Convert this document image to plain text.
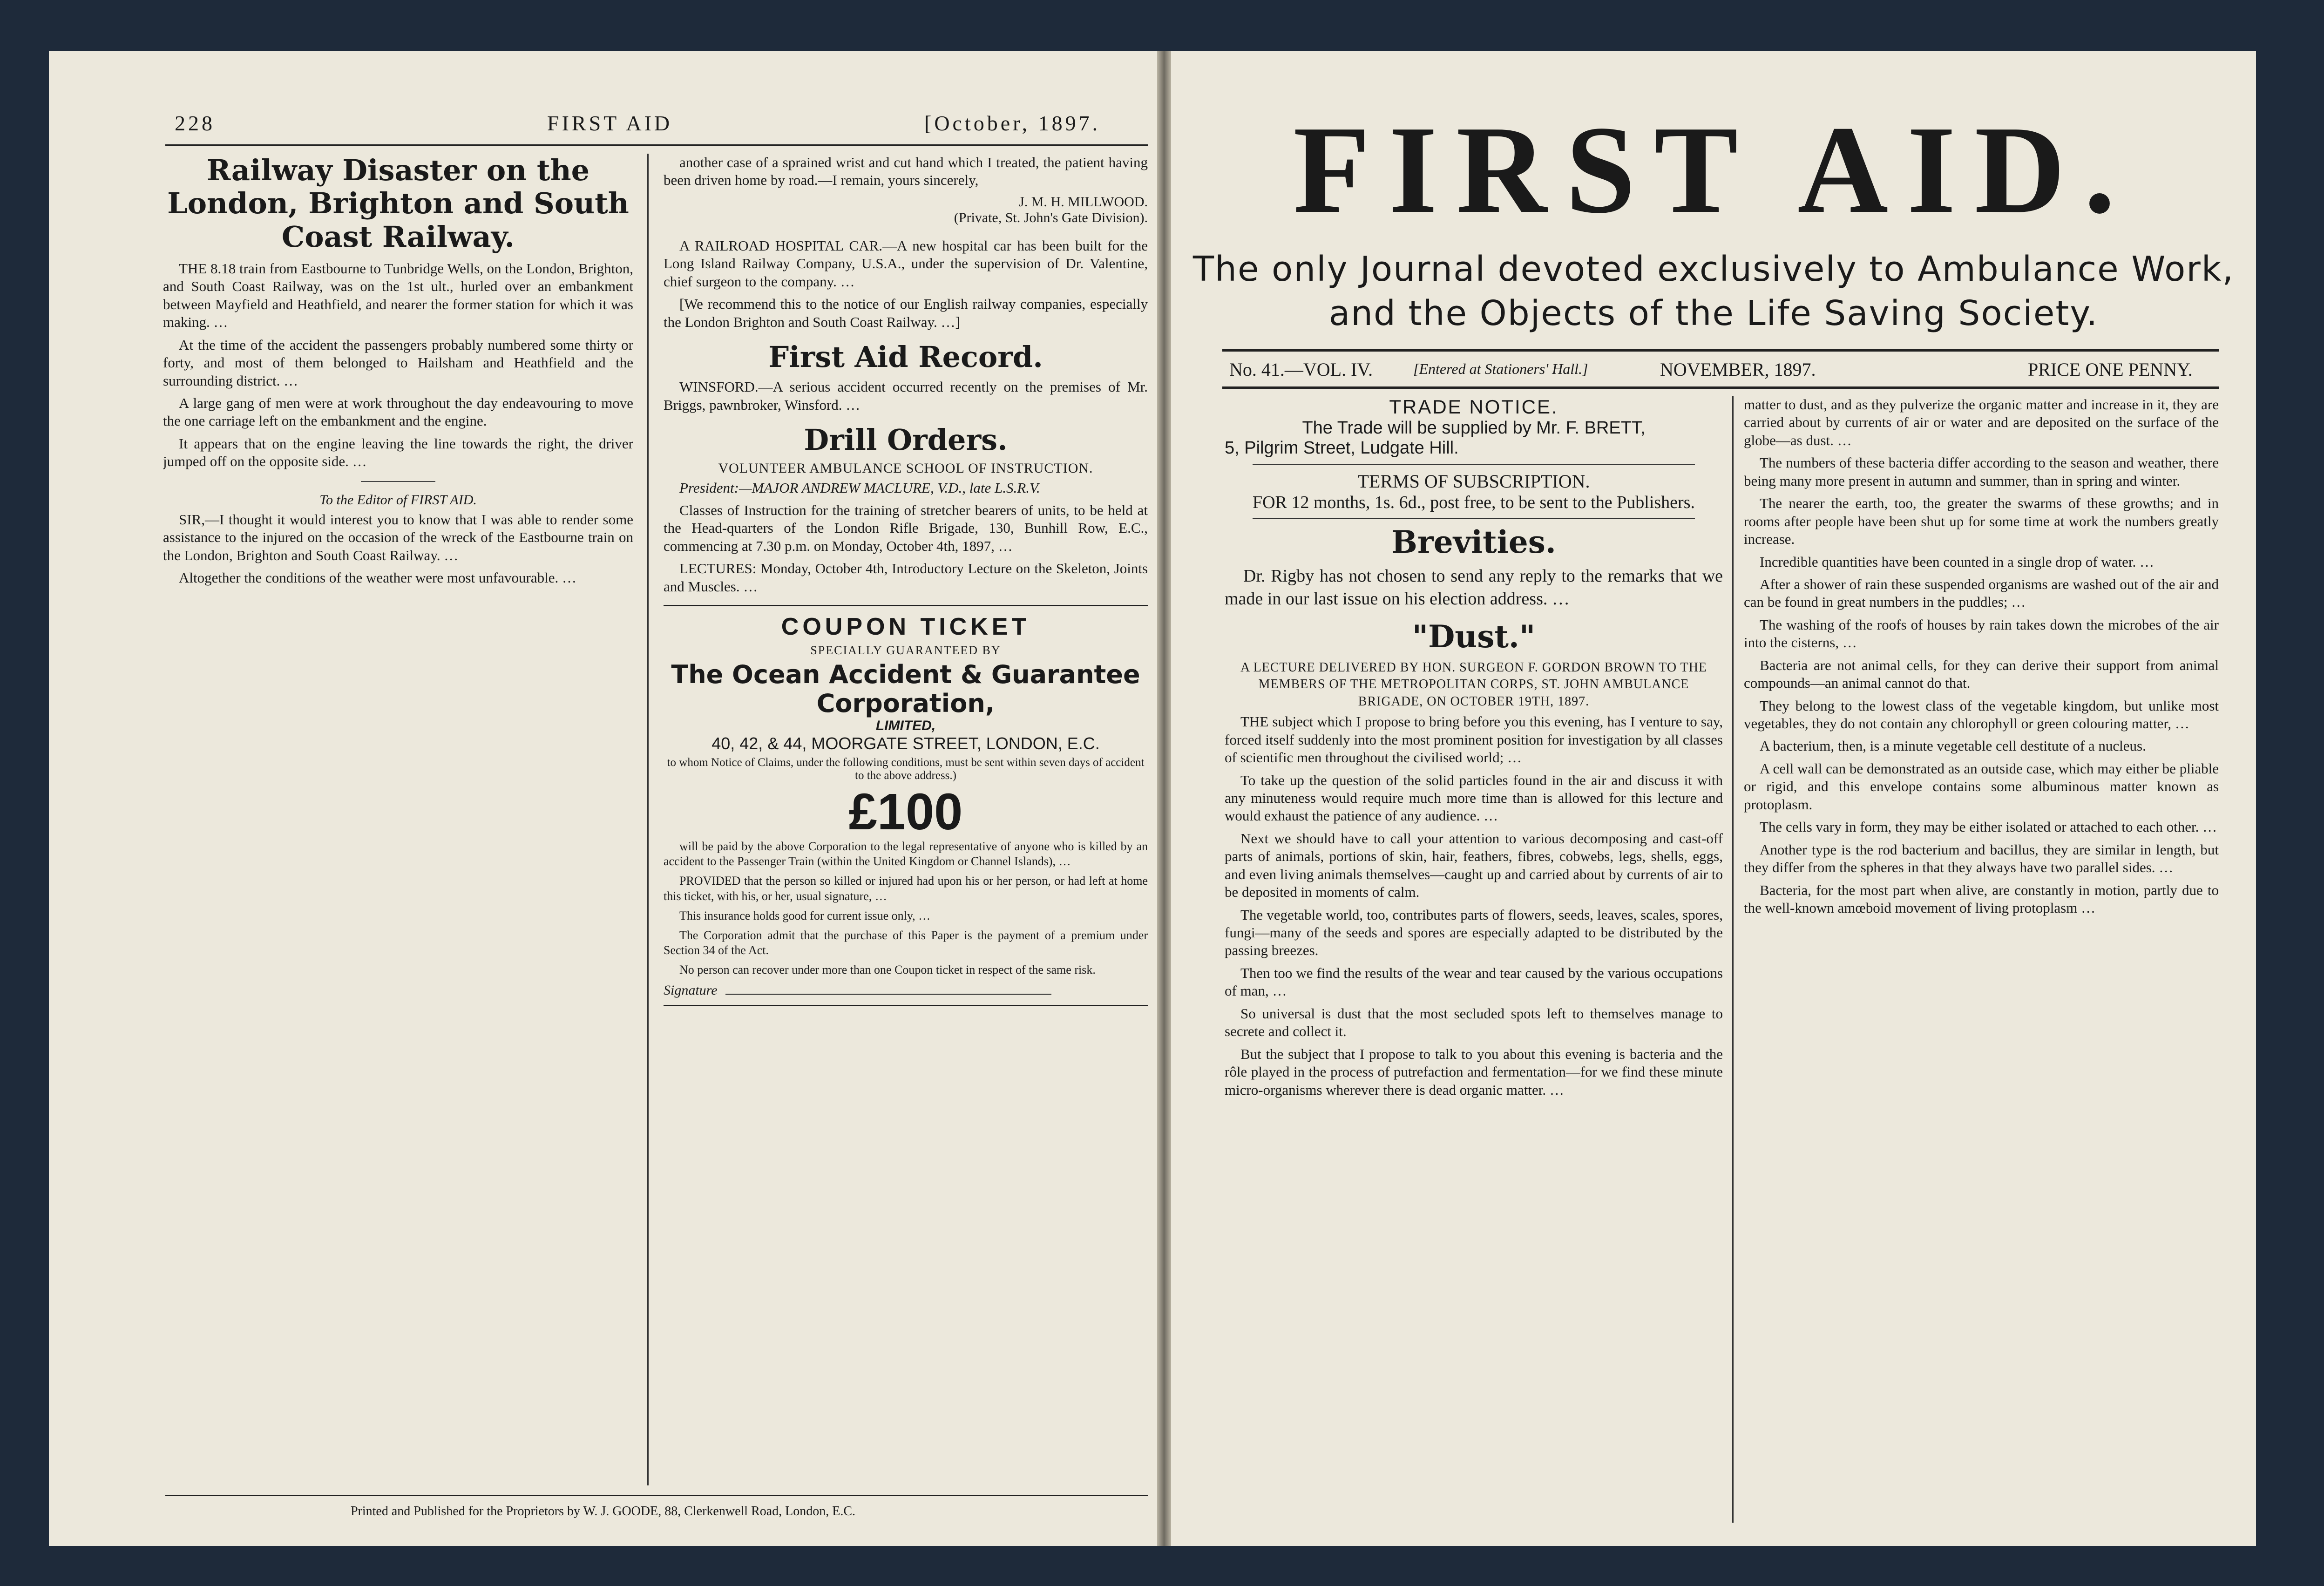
228	FIRST AID	[October, 1897.
Railway Disaster on the London, Brighton and South Coast Railway.

THE 8.18 train from Eastbourne to Tunbridge Wells, on the London, Brighton, and South Coast Railway, was on the 1st ult., hurled over an embankment between Mayfield and Heathfield, and nearer the former station for which it was making. …

At the time of the accident the passengers probably numbered some thirty or forty, and most of them belonged to Hailsham and Heathfield and the surrounding district. …

A large gang of men were at work throughout the day endeavouring to move the one carriage left on the embankment and the engine.

It appears that on the engine leaving the line towards the right, the driver jumped off on the opposite side. …

To the Editor of FIRST AID.

SIR,—I thought it would interest you to know that I was able to render some assistance to the injured on the occasion of the wreck of the Eastbourne train on the London, Brighton and South Coast Railway. …

Altogether the conditions of the weather were most unfavourable. …

another case of a sprained wrist and cut hand which I treated, the patient having been driven home by road.—I remain, yours sincerely,

J. M. H. MILLWOOD.

(Private, St. John's Gate Division).

A RAILROAD HOSPITAL CAR.—A new hospital car has been built for the Long Island Railway Company, U.S.A., under the supervision of Dr. Valentine, chief surgeon to the company. …

[We recommend this to the notice of our English railway companies, especially the London Brighton and South Coast Railway. …]

First Aid Record.

WINSFORD.—A serious accident occurred recently on the premises of Mr. Briggs, pawnbroker, Winsford. …

Drill Orders.

VOLUNTEER AMBULANCE SCHOOL OF INSTRUCTION.

President:—MAJOR ANDREW MACLURE, V.D., late L.S.R.V.

Classes of Instruction for the training of stretcher bearers of units, to be held at the Head-quarters of the London Rifle Brigade, 130, Bunhill Row, E.C., commencing at 7.30 p.m. on Monday, October 4th, 1897, …

LECTURES: Monday, October 4th, Introductory Lecture on the Skeleton, Joints and Muscles. …

COUPON TICKET
SPECIALLY GUARANTEED BY
The Ocean Accident & Guarantee Corporation,
LIMITED,
40, 42, & 44, MOORGATE STREET, LONDON, E.C.
to whom Notice of Claims, under the following conditions, must be sent within seven days of accident to the above address.)
£100

will be paid by the above Corporation to the legal representative of anyone who is killed by an accident to the Passenger Train (within the United Kingdom or Channel Islands), …

PROVIDED that the person so killed or injured had upon his or her person, or had left at home this ticket, with his, or her, usual signature, …

This insurance holds good for current issue only, …

The Corporation admit that the purchase of this Paper is the payment of a premium under Section 34 of the Act.

No person can recover under more than one Coupon ticket in respect of the same risk.

Signature
Printed and Published for the Proprietors by W. J. GOODE, 88, Clerkenwell Road, London, E.C.
FIRST AID.
The only Journal devoted exclusively to Ambulance Work,
and the Objects of the Life Saving Society.
No. 41.—VOL. IV.	[Entered at Stationers' Hall.]	NOVEMBER, 1897.	PRICE ONE PENNY.
TRADE NOTICE.
The Trade will be supplied by Mr. F. BRETT,
5, Pilgrim Street, Ludgate Hill.
TERMS OF SUBSCRIPTION.
FOR 12 months, 1s. 6d., post free, to be sent to the Publishers.
Brevities.

Dr. Rigby has not chosen to send any reply to the remarks that we made in our last issue on his election address. …

"Dust."

A LECTURE DELIVERED BY HON. SURGEON F. GORDON BROWN TO THE MEMBERS OF THE METROPOLITAN CORPS, ST. JOHN AMBULANCE BRIGADE, ON OCTOBER 19TH, 1897.

THE subject which I propose to bring before you this evening, has I venture to say, forced itself suddenly into the most prominent position for investigation by all classes of scientific men throughout the civilised world; …

To take up the question of the solid particles found in the air and discuss it with any minuteness would require much more time than is allowed for this lecture and would exhaust the patience of any audience. …

Next we should have to call your attention to various decomposing and cast-off parts of animals, portions of skin, hair, feathers, fibres, cobwebs, legs, shells, eggs, and even living animals themselves—caught up and carried about by currents of air to be deposited in moments of calm.

The vegetable world, too, contributes parts of flowers, seeds, leaves, scales, spores, fungi—many of the seeds and spores are especially adapted to be distributed by the passing breezes.

Then too we find the results of the wear and tear caused by the various occupations of man, …

So universal is dust that the most secluded spots left to themselves manage to secrete and collect it.

But the subject that I propose to talk to you about this evening is bacteria and the rôle played in the process of putrefaction and fermentation—for we find these minute micro-organisms wherever there is dead organic matter. …

matter to dust, and as they pulverize the organic matter and increase in it, they are carried about by currents of air or water and are deposited on the surface of the globe—as dust. …

The numbers of these bacteria differ according to the season and weather, there being many more present in autumn and summer, than in spring and winter.

The nearer the earth, too, the greater the swarms of these growths; and in rooms after people have been shut up for some time at work the numbers greatly increase.

Incredible quantities have been counted in a single drop of water. …

After a shower of rain these suspended organisms are washed out of the air and can be found in great numbers in the puddles; …

The washing of the roofs of houses by rain takes down the microbes of the air into the cisterns, …

Bacteria are not animal cells, for they can derive their support from animal compounds—an animal cannot do that.

They belong to the lowest class of the vegetable kingdom, but unlike most vegetables, they do not contain any chlorophyll or green colouring matter, …

A bacterium, then, is a minute vegetable cell destitute of a nucleus.

A cell wall can be demonstrated as an outside case, which may either be pliable or rigid, and this envelope contains some albuminous matter known as protoplasm.

The cells vary in form, they may be either isolated or attached to each other. …

Another type is the rod bacterium and bacillus, they are similar in length, but they differ from the spheres in that they always have two parallel sides. …

Bacteria, for the most part when alive, are constantly in motion, partly due to the well-known amœboid movement of living protoplasm …
